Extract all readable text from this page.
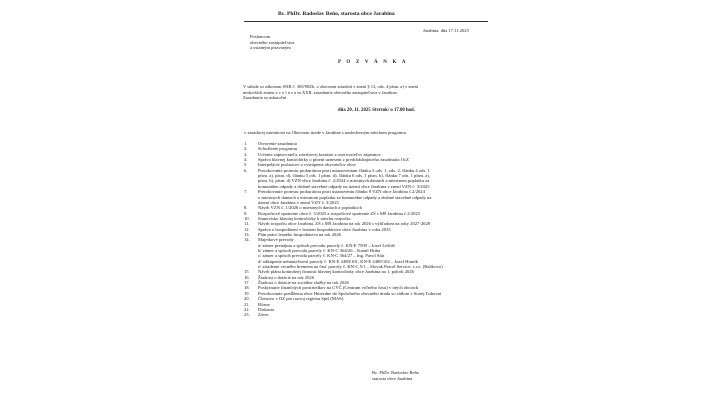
Bc. PhDr. Radoslav Beňo, starosta obce Jarabina
Jarabina, dňa 17.11.2025
Poslancom
obecného zastupiteľstva
a ostatným prizvaným
P O Z V Á N K A
V súlade so zákonom SNR č. 369/90Zb. o obecnom zriadení v znení § 13, ods. 4 písm. a) v znení
neskorších zmien z v o l á v a m XXII. zasadnutie obecného zastupiteľstva v Jarabine.
Zasadnutie sa uskutoční
dňa 20. 11. 2025 /štvrtok/ o 17.00 hod.
v zasadacej miestnosti na Obecnom úrade v Jarabine s nasledovným návrhom programu
1. Otvorenie zasadnutia
2. Schválenie programu
3. Určenie zapisovateľa, návrhovej komisie a overovateľov zápisnice
4. Správa hlavnej kontrolórky o plnení uznesení z predchádzajúceho zasadnutia OcZ
5. Interpelácie poslancov a vystúpenie obyvateľov obce
6. Prerokovanie protestu prokurátora proti ustanoveniam článku 3 ods. 1, ods. 2, článku 4 ods. 1
písm. a), písm. d), článku 5 ods. 1 písm. d), článku 6 ods. 1 písm. b), článku 7 ods. 1 písm. a),
písm. b), písm. d) VZN obce Jarabina č. 2/2024 o miestnych daniach a miestnom poplatku za
komunálne odpady a drobné stavebné odpady na území obce Jarabina v znení VZN č. 3/2025
7. Prerokovanie protestu prokurátora proti ustanoveniu článku 9 VZN obce Jarabina č.2/2024
o miestnych daniach a miestnom poplatku za komunálne odpady a drobné stavebné odpady na
území obce Jarabina v znení VZN č. 3/2025
8. Návrh VZN č. 1/2026 o miestnych daniach a poplatkoch
9. Rozpočtové opatrenie obce č. 5/2025 a rozpočtové opatrenie ZŠ s MŠ Jarabina č.2/2025
10. Stanovisko hlavnej kontrolórky k návrhu rozpočtu
11. Návrh rozpočtu obce Jarabina, ZŠ s MŠ Jarabina na rok 2026 s výhľadom na roky 2027-2028
12. Správa o hospodárení v lesnom hospodárstve obce Jarabina v roku 2025
13. Plán práce lesného hospodárstva na rok 2026
14. Majetkové prevody
a/ zámer prenájmu a spôsob prevodu parcely č. KN-E 7509 – Jozef Leščáš
b/ zámer a spôsob prevodu parcely č. KN-C 364/26 – Kamil Hriňa
c/ zámer a spôsob prevodu parcely č. KN-C 364/27 – Ing. Pavol Stár
d/ odkúpenie nehnuteľností parcely č. KN-E 2489/101, KN-E 2489/102 – Jozef Hutník
e/ zriadenie vecného bremena na časť parcely č. KN-C 5/1 – Slovak Parcel Service, s.r.o. (Balíkovo)
15. Návrh plánu kontrolnej činnosti hlavnej kontrolórky obce Jarabina na 1. polrok 2026
16. Žiadosti o dotácie na rok 2026
17. Žiadosti o dotácie na sociálne služby na rok 2026
18. Poskytnutie finančných prostriedkov na CVČ (Centrum voľného času) v iných obciach
19. Prerokovanie predĺženia obce Hniezdne do Spoločného obecného úradu so sídlom v Starej Ľubovni
20. Členstvo v OZ pre rozvoj regiónu Spiš (MAS)
21. Rôzne
22. Diskusia
23. Záver
Bc. PhDr. Radoslav Beňo
starosta obce Jarabina
